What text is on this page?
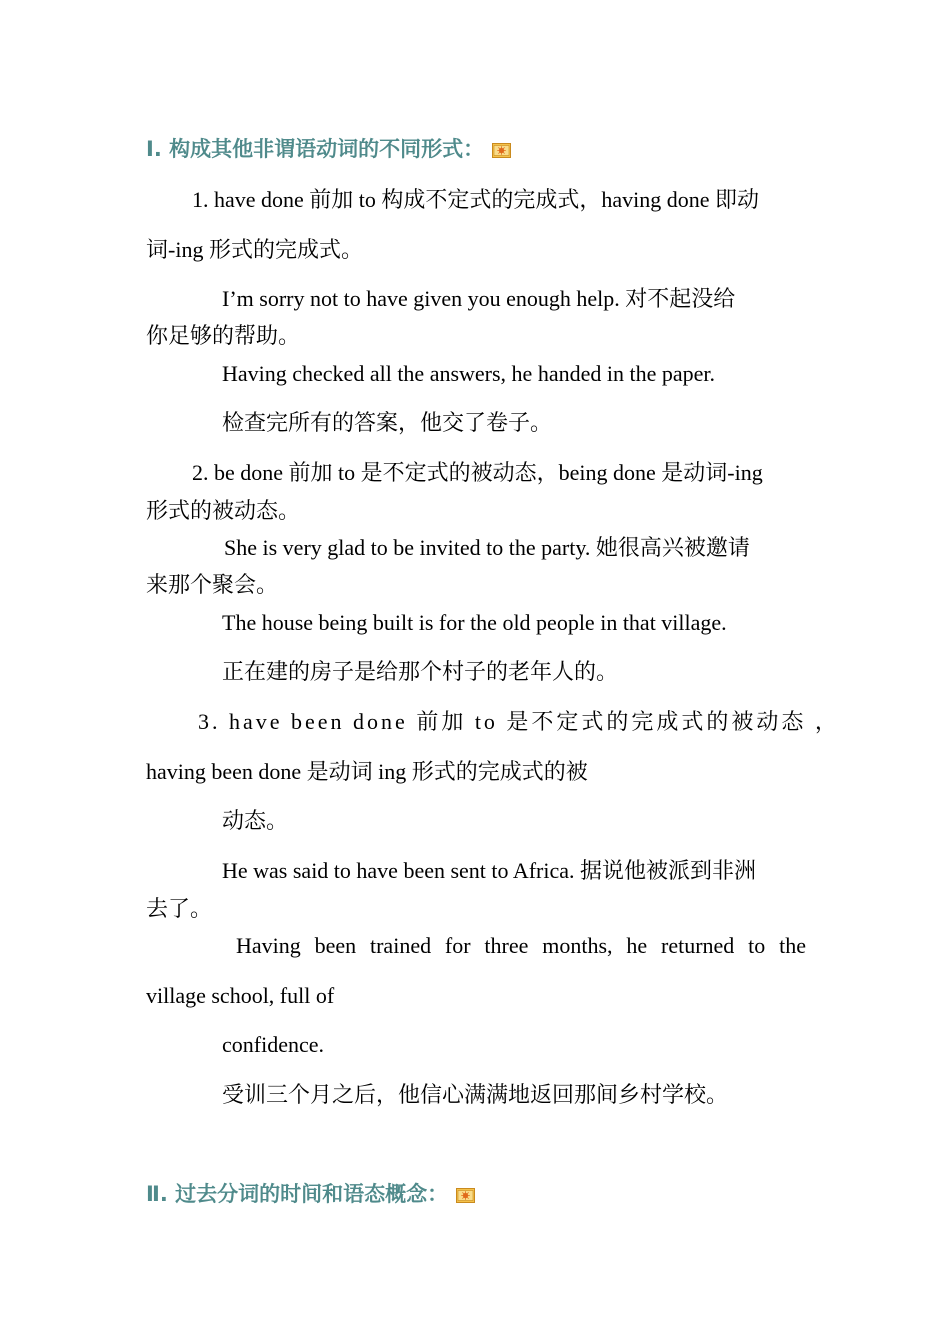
Ⅰ. 构成其他非谓语动词的不同形式：
1. have done 前加 to 构成不定式的完成式，having done 即动
词-ing 形式的完成式。
I’m sorry not to have given you enough help. 对不起没给
你足够的帮助。
Having checked all the answers, he handed in the paper.
检查完所有的答案，他交了卷子。
2. be done 前加 to 是不定式的被动态，being done 是动词-ing
形式的被动态。
She is very glad to be invited to the party. 她很高兴被邀请
来那个聚会。
The house being built is for the old people in that village.
正在建的房子是给那个村子的老年人的。
3. have been done 前加 to 是不定式的完成式的被动态 ，
having been done 是动词 ing 形式的完成式的被
动态。
He was said to have been sent to Africa. 据说他被派到非洲
去了。
Having been trained for three months, he returned to the
village school, full of
confidence.
受训三个月之后，他信心满满地返回那间乡村学校。
Ⅱ. 过去分词的时间和语态概念：
